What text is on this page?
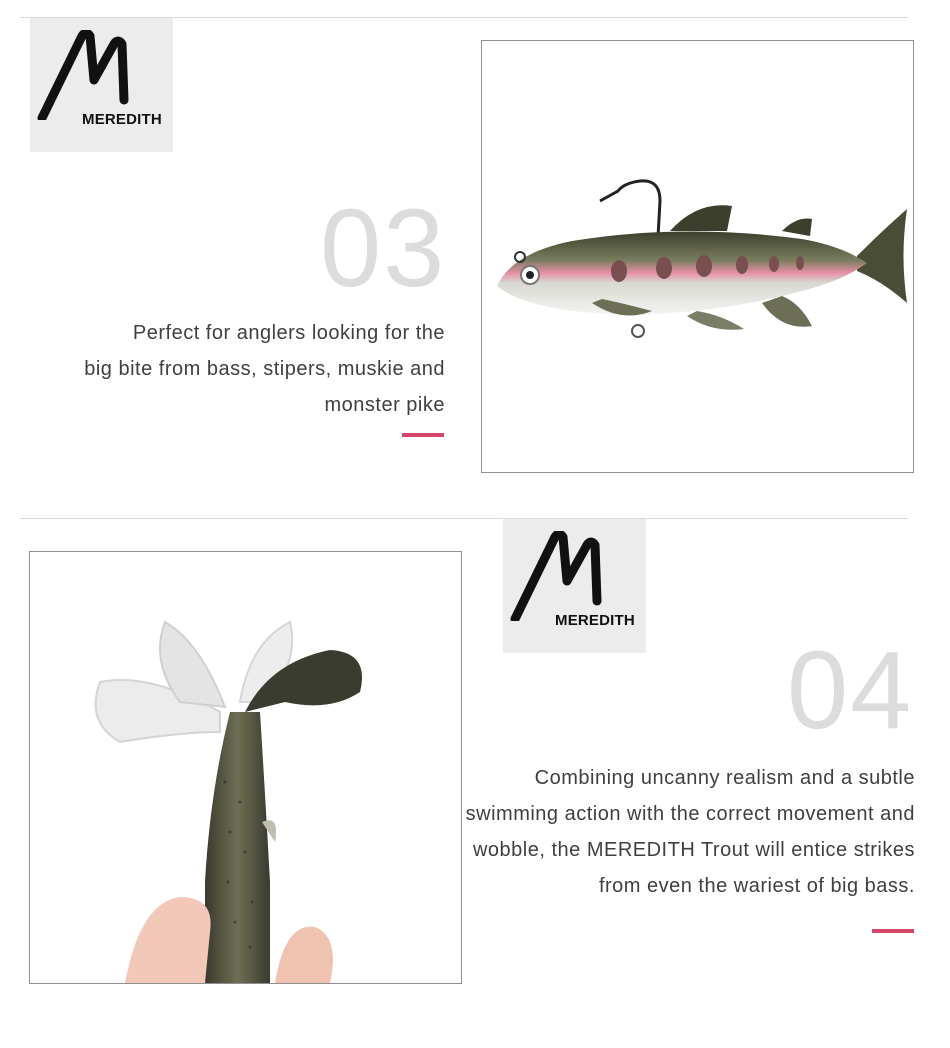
MEREDITH
03
Perfect for anglers looking for the
big bite from bass, stipers, muskie and
monster pike
MEREDITH
04
Combining uncanny realism and a subtle
swimming action with the correct movement and
wobble, the MEREDITH Trout will entice strikes
from even the wariest of big bass.
